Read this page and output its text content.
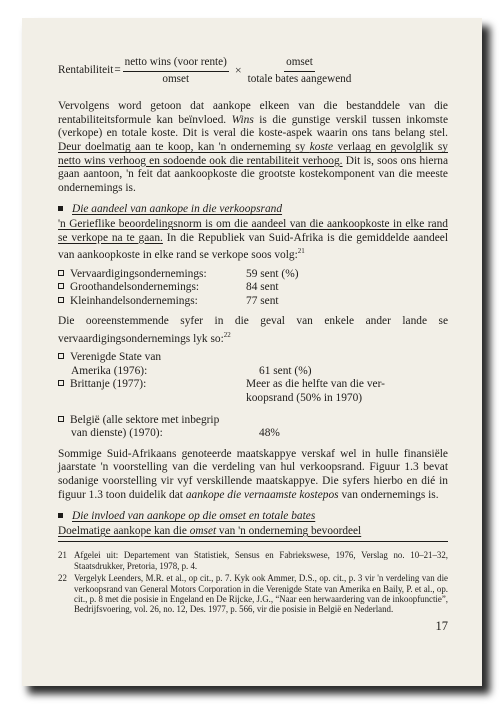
Rentabiliteit = $\frac{\text{netto wins (voor rente)}}{\text{omset}} \times \frac{\text{omset}}{\text{totale bates aangewend}}$

Vervolgens word getoon dat aankope elkeen van die bestanddele van die rentabiliteitsformule kan beïnvloed. Wins is die gunstige verskil tussen inkomste (verkope) en totale koste. Dit is veral die koste-aspek waarin ons tans belang stel. Deur doelmatig aan te koop, kan 'n onderneming sy koste verlaag en gevolglik sy netto wins verhoog en sodoende ook die rentabiliteit verhoog. Dit is, soos ons hierna gaan aantoon, 'n feit dat aankoopkoste die grootste kostekomponent van die meeste ondernemings is.

Die aandeel van aankope in die verkoopsrand

'n Gerieflike beoordelingsnorm is om die aandeel van die aankoopkoste in elke rand se verkope na te gaan. In die Republiek van Suid-Afrika is die gemiddelde aandeel van aankoopkoste in elke rand se verkope soos volg:$^{21}$

Vervaardigingsondernemings:	59 sent (%)
Groothandelsondernemings:	84 sent
Kleinhandelsondernemings:	77 sent

Die ooreenstemmende syfer in die geval van enkele ander lande se vervaardigingsondernemings lyk so:$^{22}$

Verenigde State van
Amerika (1976):	61 sent (%)
Brittanje (1977):	Meer as die helfte van die ver-
koopsrand (50% in 1970)
België (alle sektore met inbegrip
van dienste) (1970):	48%

Sommige Suid-Afrikaans genoteerde maatskappye verskaf wel in hulle finansiële jaarstate 'n voorstelling van die verdeling van hul verkoopsrand. Figuur 1.3 bevat sodanige voorstelling vir vyf verskillende maatskappye. Die syfers hierbo en dié in figuur 1.3 toon duidelik dat aankope die vernaamste kostepos van ondernemings is.

Die invloed van aankope op die omset en totale bates

Doelmatige aankope kan die omset van 'n onderneming bevoordeel

21 Afgelei uit: Departement van Statistiek, Sensus en Fabriekswese, 1976, Verslag no. 10–21–32, Staatsdrukker, Pretoria, 1978, p. 4.
22 Vergelyk Leenders, M.R. et al., op cit., p. 7. Kyk ook Ammer, D.S., op. cit., p. 3 vir 'n verdeling van die verkoopsrand van General Motors Corporation in die Verenigde State van Amerika en Baily, P. et al., op. cit., p. 8 met die posisie in Engeland en De Rijcke, J.G., “Naar een herwaardering van de inkoopfunctie”, Bedrijfsvoering, vol. 26, no. 12, Des. 1977, p. 566, vir die posisie in België en Nederland.
17
